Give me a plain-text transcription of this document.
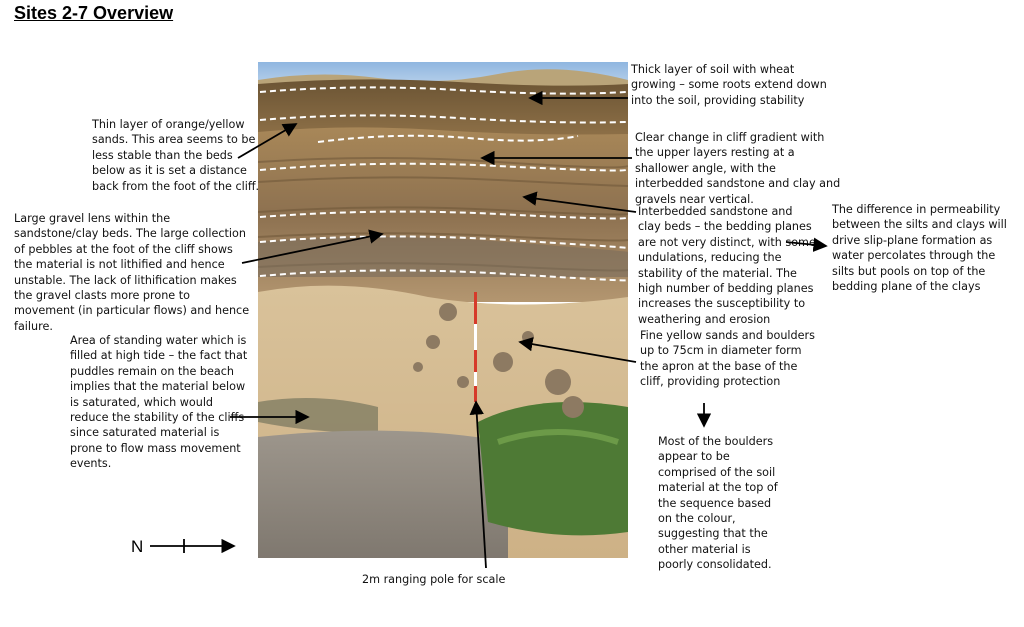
Sites 2-7 Overview
Thick layer of soil with wheat growing – some roots extend down into the soil, providing stability
Thin layer of orange/yellow sands. This area seems to be less stable than the beds below as it is set a distance back from the foot of the cliff.
Clear change in cliff gradient with the upper layers resting at a shallower angle, with the interbedded sandstone and clay and gravels near vertical.
Large gravel lens within the sandstone/clay beds. The large collection of pebbles at the foot of the cliff shows the material is not lithified and hence unstable. The lack of lithification makes the gravel clasts more prone to movement (in particular flows) and hence failure.
Interbedded sandstone and clay beds – the bedding planes are not very distinct, with some undulations, reducing the stability of the material. The high number of bedding planes increases the susceptibility to weathering and erosion
The difference in permeability between the silts and clays will drive slip-plane formation as water percolates through the silts but pools on top of the bedding plane of the clays
Area of standing water which is filled at high tide – the fact that puddles remain on the beach implies that the material below is saturated, which would reduce the stability of the cliffs since saturated material is prone to flow mass movement events.
Fine yellow sands and boulders up to 75cm in diameter form the apron at the base of the cliff, providing protection
Most of the boulders appear to be comprised of the soil material at the top of the sequence based on the colour, suggesting that the other material is poorly consolidated.
2m ranging pole for scale
N
